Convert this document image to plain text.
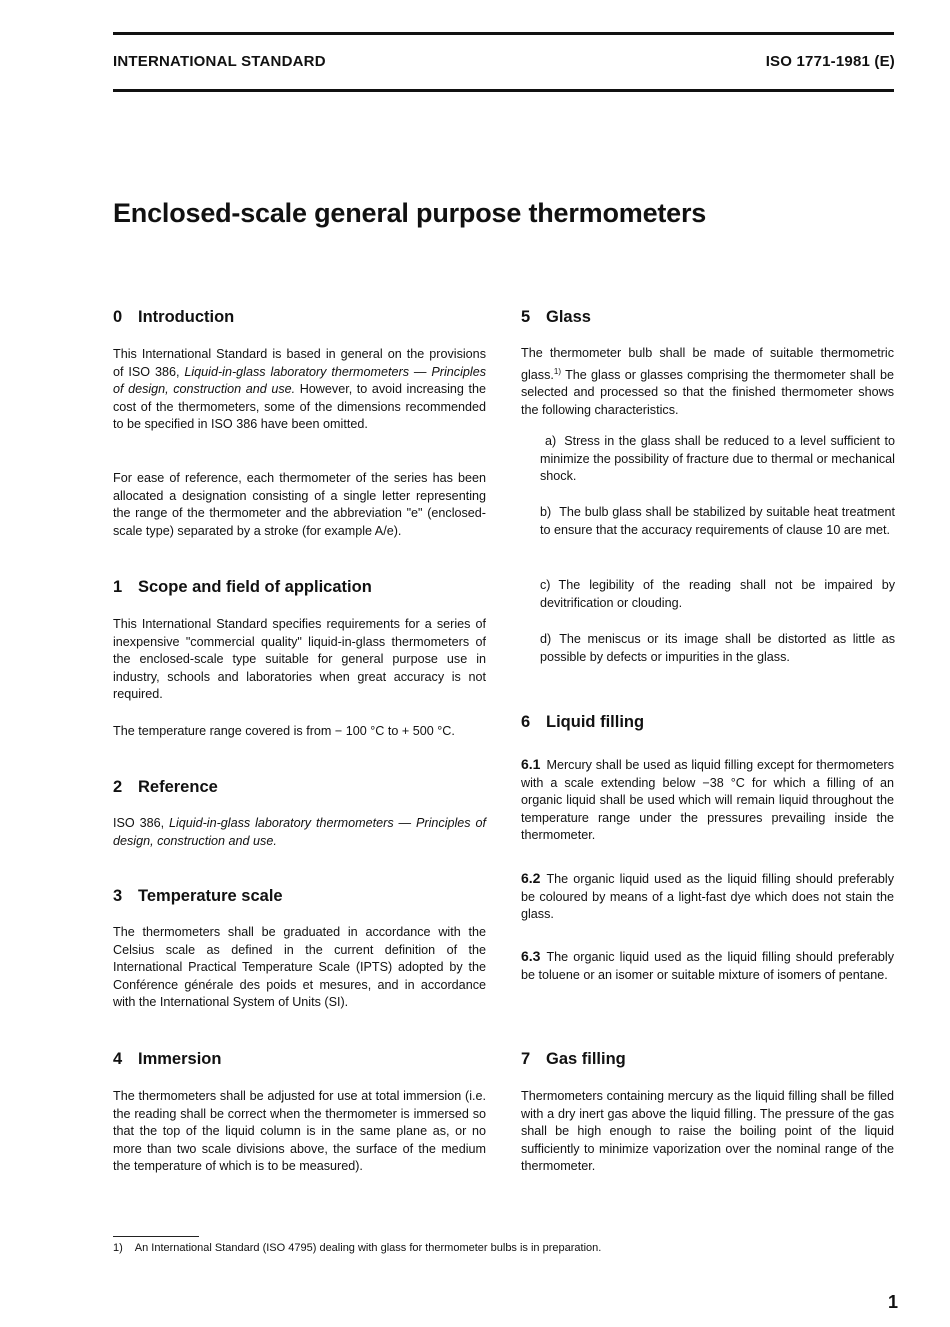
INTERNATIONAL STANDARD	ISO 1771-1981 (E)
Enclosed-scale general purpose thermometers
0 Introduction

This International Standard is based in general on the provisions of ISO 386, Liquid-in-glass laboratory thermometers — Principles of design, construction and use. However, to avoid increasing the cost of the thermometers, some of the dimensions recommended to be specified in ISO 386 have been omitted.

For ease of reference, each thermometer of the series has been allocated a designation consisting of a single letter representing the range of the thermometer and the abbreviation "e" (enclosed-scale type) separated by a stroke (for example A/e).

1 Scope and field of application

This International Standard specifies requirements for a series of inexpensive "commercial quality" liquid-in-glass thermometers of the enclosed-scale type suitable for general purpose use in industry, schools and laboratories when great accuracy is not required.

The temperature range covered is from − 100 °C to + 500 °C.

2 Reference

ISO 386, Liquid-in-glass laboratory thermometers — Principles of design, construction and use.

3 Temperature scale

The thermometers shall be graduated in accordance with the Celsius scale as defined in the current definition of the International Practical Temperature Scale (IPTS) adopted by the Conférence générale des poids et mesures, and in accordance with the International System of Units (SI).

4 Immersion

The thermometers shall be adjusted for use at total immersion (i.e. the reading shall be correct when the thermometer is immersed so that the top of the liquid column is in the same plane as, or no more than two scale divisions above, the surface of the medium the temperature of which is to be measured).

5 Glass

The thermometer bulb shall be made of suitable thermometric glass.$^{1)}$ The glass or glasses comprising the thermometer shall be selected and processed so that the finished thermometer shows the following characteristics.

a) Stress in the glass shall be reduced to a level sufficient to minimize the possibility of fracture due to thermal or mechanical shock.

b) The bulb glass shall be stabilized by suitable heat treatment to ensure that the accuracy requirements of clause 10 are met.

c) The legibility of the reading shall not be impaired by devitrification or clouding.

d) The meniscus or its image shall be distorted as little as possible by defects or impurities in the glass.

6 Liquid filling

6.1 Mercury shall be used as liquid filling except for thermometers with a scale extending below −38 °C for which a filling of an organic liquid shall be used which will remain liquid throughout the temperature range under the pressures prevailing inside the thermometer.

6.2 The organic liquid used as the liquid filling should preferably be coloured by means of a light-fast dye which does not stain the glass.

6.3 The organic liquid used as the liquid filling should preferably be toluene or an isomer or suitable mixture of isomers of pentane.

7 Gas filling

Thermometers containing mercury as the liquid filling shall be filled with a dry inert gas above the liquid filling. The pressure of the gas shall be high enough to raise the boiling point of the liquid sufficiently to minimize vaporization over the nominal range of the thermometer.

1) An International Standard (ISO 4795) dealing with glass for thermometer bulbs is in preparation.
1
